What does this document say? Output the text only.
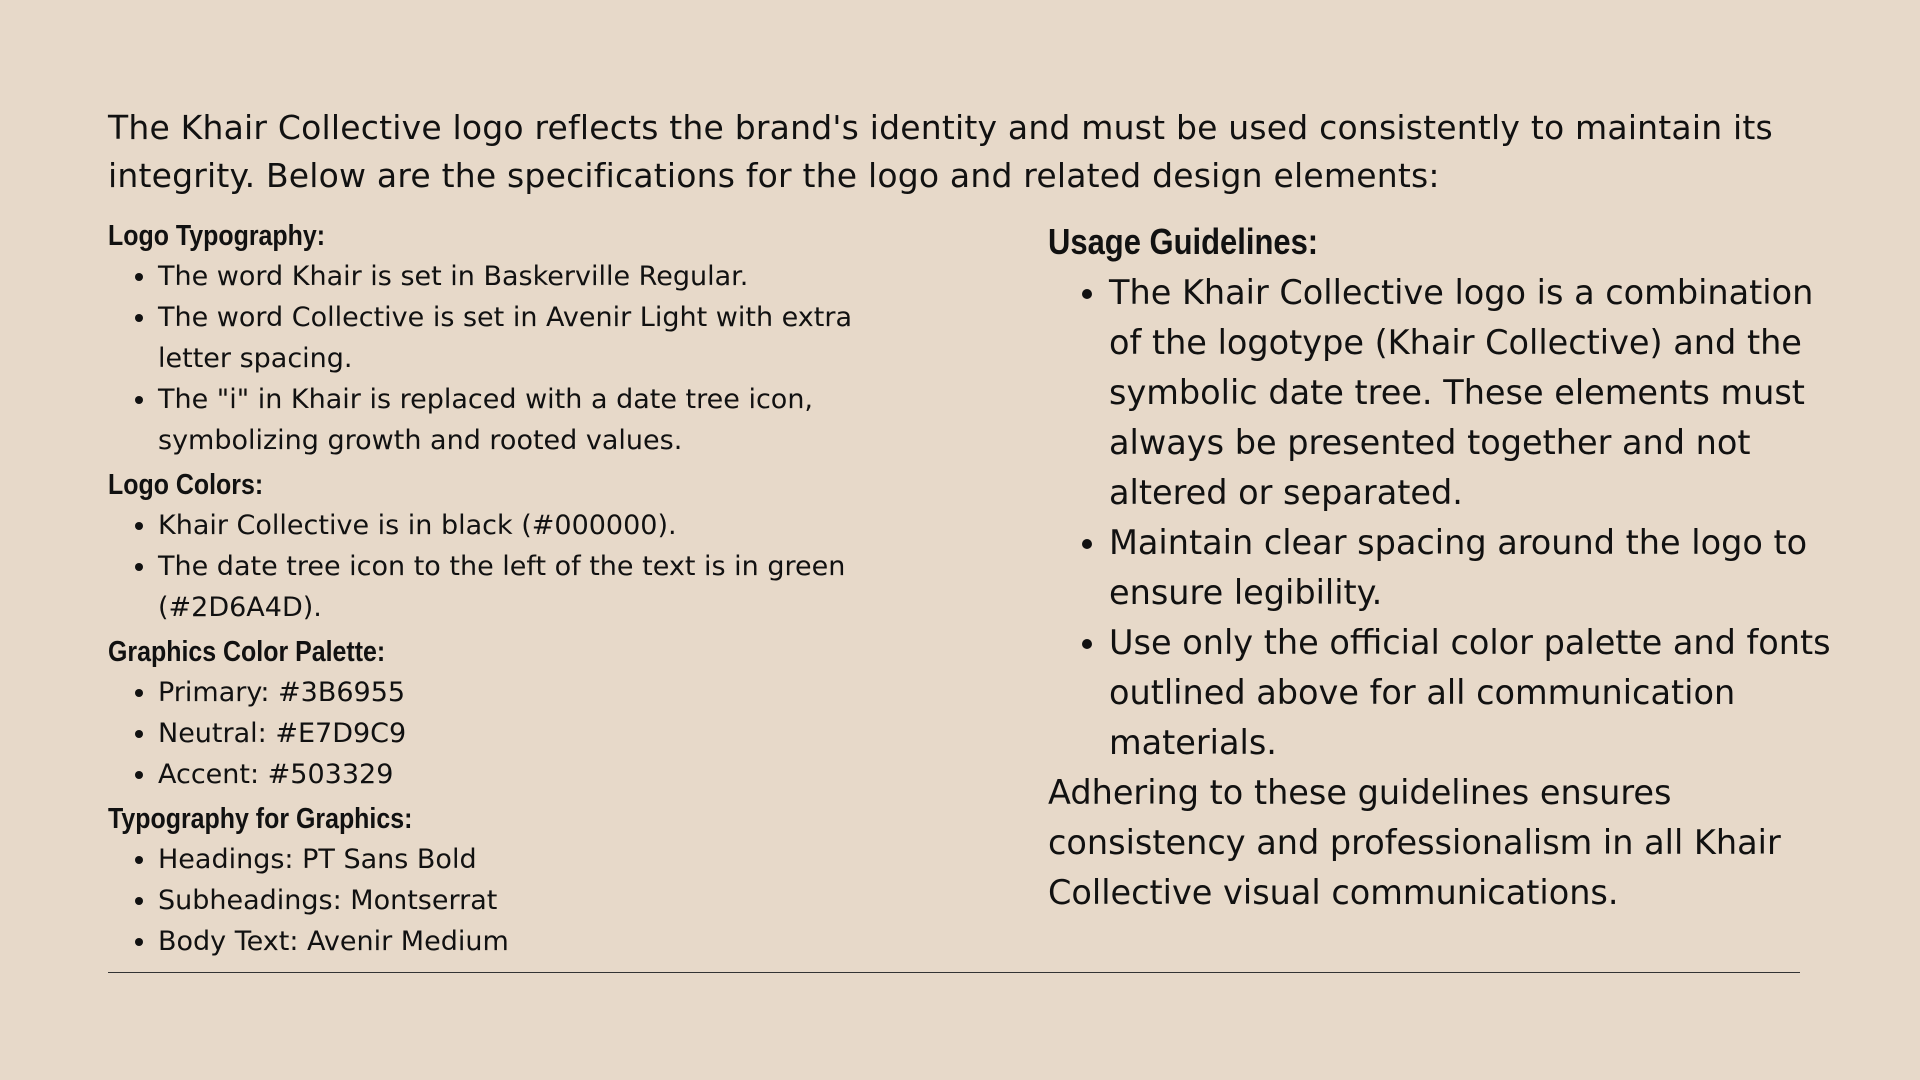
The Khair Collective logo reflects the brand's identity and must be used consistently to maintain its integrity. Below are the specifications for the logo and related design elements:

Logo Typography:
• The word Khair is set in Baskerville Regular.
• The word Collective is set in Avenir Light with extra letter spacing.
• The "i" in Khair is replaced with a date tree icon, symbolizing growth and rooted values.
Logo Colors:
• Khair Collective is in black (#000000).
• The date tree icon to the left of the text is in green (#2D6A4D).
Graphics Color Palette:
• Primary: #3B6955
• Neutral: #E7D9C9
• Accent: #503329
Typography for Graphics:
• Headings: PT Sans Bold
• Subheadings: Montserrat
• Body Text: Avenir Medium
Usage Guidelines:
• The Khair Collective logo is a combination of the logotype (Khair Collective) and the symbolic date tree. These elements must always be presented together and not altered or separated.
• Maintain clear spacing around the logo to ensure legibility.
• Use only the official color palette and fonts outlined above for all communication materials.

Adhering to these guidelines ensures consistency and professionalism in all Khair Collective visual communications.
